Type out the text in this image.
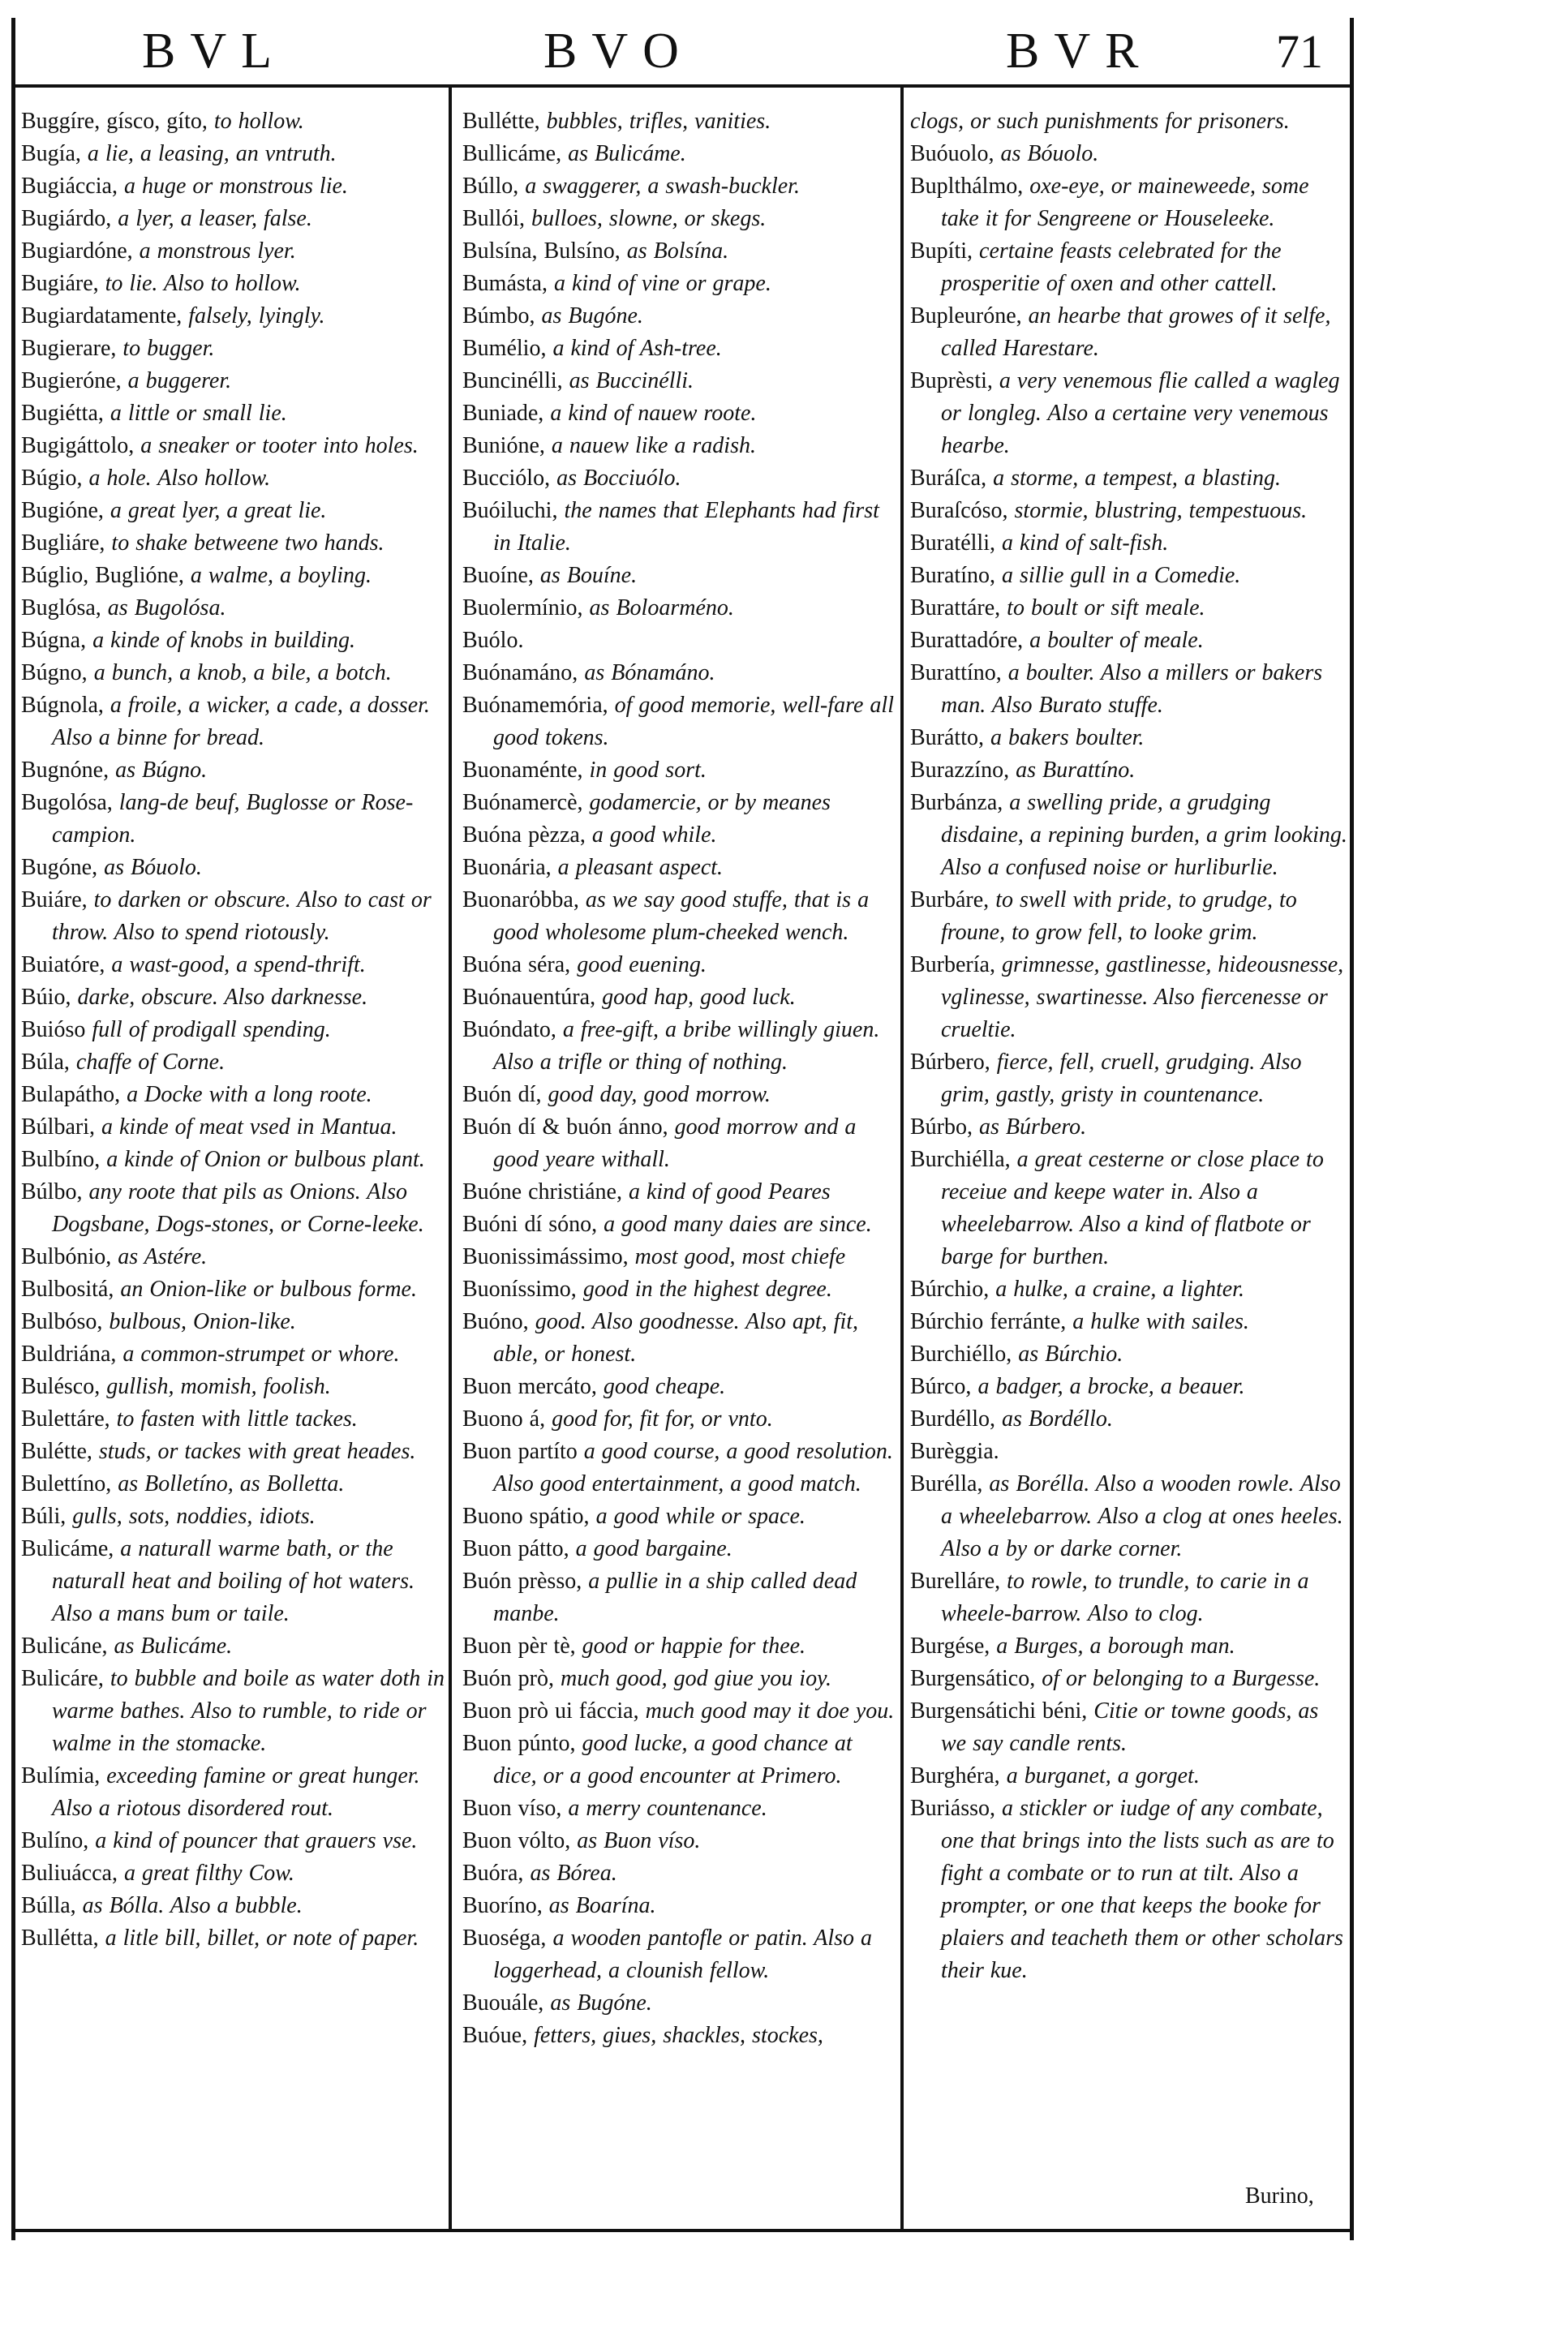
BVL	BVO	BVR	71

Buggíre, gísco, gíto, to hollow.

Bugía, a lie, a leasing, an vntruth.

Bugiáccia, a huge or monstrous lie.

Bugiárdo, a lyer, a leaser, false.

Bugiardóne, a monstrous lyer.

Bugiáre, to lie. Also to hollow.

Bugiardatamente, falsely, lyingly.

Bugierare, to bugger.

Bugieróne, a buggerer.

Bugiétta, a little or small lie.

Bugigáttolo, a sneaker or tooter into holes.

Búgio, a hole. Also hollow.

Bugióne, a great lyer, a great lie.

Bugliáre, to shake betweene two hands.

Búglio, Buglióne, a walme, a boyling.

Buglósa, as Bugolósa.

Búgna, a kinde of knobs in building.

Búgno, a bunch, a knob, a bile, a botch.

Búgnola, a froile, a wicker, a cade, a dosser. Also a binne for bread.

Bugnóne, as Búgno.

Bugolósa, lang-de beuf, Buglosse or Rose-campion.

Bugóne, as Bóuolo.

Buiáre, to darken or obscure. Also to cast or throw. Also to spend riotously.

Buiatóre, a wast-good, a spend-thrift.

Búio, darke, obscure. Also darknesse.

Buióso full of prodigall spending.

Búla, chaffe of Corne.

Bulapátho, a Docke with a long roote.

Búlbari, a kinde of meat vsed in Mantua.

Bulbíno, a kinde of Onion or bulbous plant.

Búlbo, any roote that pils as Onions. Also Dogsbane, Dogs-stones, or Corne-leeke.

Bulbónio, as Astére.

Bulbositá, an Onion-like or bulbous forme.

Bulbóso, bulbous, Onion-like.

Buldriána, a common-strumpet or whore.

Buléscо, gullish, momish, foolish.

Bulettáre, to fasten with little tackes.

Bulétte, studs, or tackes with great heades.

Bulettíno, as Bolletíno, as Bolletta.

Búli, gulls, sots, noddies, idiots.

Bulicáme, a naturall warme bath, or the naturall heat and boiling of hot waters. Also a mans bum or taile.

Bulicáne, as Bulicáme.

Bulicáre, to bubble and boile as water doth in warme bathes. Also to rumble, to ride or walme in the stomacke.

Bulímia, exceeding famine or great hunger. Also a riotous disordered rout.

Bulíno, a kind of pouncer that grauers vse.

Buliuácca, a great filthy Cow.

Búlla, as Bólla. Also a bubble.

Bullétta, a litle bill, billet, or note of paper.

Bullétte, bubbles, trifles, vanities.

Bullicáme, as Bulicáme.

Búllo, a swaggerer, a swash-buckler.

Bullói, bulloes, slowne, or skegs.

Bulsína, Bulsíno, as Bolsína.

Bumásta, a kind of vine or grape.

Búmbo, as Bugóne.

Bumélio, a kind of Ash-tree.

Buncinélli, as Buccinélli.

Buniade, a kind of nauew roote.

Bunióne, a nauew like a radish.

Bucciólo, as Bocciuólo.

Buóiluchi, the names that Elephants had first in Italie.

Buoíne, as Bouíne.

Buolermínio, as Boloarméno.

Buólo.

Buónamáno, as Bónamáno.

Buónamemória, of good memorie, well-fare all good tokens.

Buonaménte, in good sort.

Buónamercè, godamercie, or by meanes

Buóna pèzza, a good while.

Buonária, a pleasant aspect.

Buonarόbba, as we say good stuffe, that is a good wholesome plum-cheeked wench.

Buóna séra, good euening.

Buónauentúra, good hap, good luck.

Buóndato, a free-gift, a bribe willingly giuen. Also a trifle or thing of nothing.

Buón dí, good day, good morrow.

Buón dí & buón ánno, good morrow and a good yeare withall.

Buóne christiáne, a kind of good Peares

Buóni dí sóno, a good many daies are since.

Buonissimássimo, most good, most chiefe

Buoníssimo, good in the highest degree.

Buóno, good. Also goodnesse. Also apt, fit, able, or honest.

Buon mercáto, good cheape.

Buono á, good for, fit for, or vnto.

Buon partíto a good course, a good resolution. Also good entertainment, a good match.

Buono spátio, a good while or space.

Buon pátto, a good bargaine.

Buón prèsso, a pullie in a ship called dead manbe.

Buon pèr tè, good or happie for thee.

Buón prò, much good, god giue you ioy.

Buon prò ui fáccia, much good may it doe you.

Buon púnto, good lucke, a good chance at dice, or a good encounter at Primero.

Buon víso, a merry countenance.

Buon vólto, as Buon víso.

Buóra, as Bórea.

Buoríno, as Boarína.

Buoséga, a wooden pantofle or patin. Also a loggerhead, a clounish fellow.

Buouále, as Bugóne.

Buóue, fetters, giues, shackles, stockes,

clogs, or such punishments for prisoners.

Buóuolo, as Bóuolo.

Buplthálmo, oxe-eye, or maineweede, some take it for Sengreene or Houseleeke.

Bupíti, certaine feasts celebrated for the prosperitie of oxen and other cattell.

Bupleuróne, an hearbe that growes of it selfe, called Harestare.

Buprèsti, a very venemous flie called a wagleg or longleg. Also a certaine very venemous hearbe.

Buráſca, a storme, a tempest, a blasting.

Buraſcóso, stormie, blustring, tempestuous.

Buratélli, a kind of salt-fish.

Buratíno, a sillie gull in a Comedie.

Burattáre, to boult or sift meale.

Burattadóre, a boulter of meale.

Burattíno, a boulter. Also a millers or bakers man. Also Burato stuffe.

Burátto, a bakers boulter.

Burazzíno, as Burattíno.

Burbánza, a swelling pride, a grudging disdaine, a repining burden, a grim looking. Also a confused noise or hurliburlie.

Burbáre, to swell with pride, to grudge, to froune, to grow fell, to looke grim.

Burbería, grimnesse, gastlinesse, hideousnesse, vglinesse, swartinesse. Also fiercenesse or crueltie.

Búrbero, fierce, fell, cruell, grudging. Also grim, gastly, gristy in countenance.

Búrbo, as Búrbero.

Burchiélla, a great cesterne or close place to receiue and keepe water in. Also a wheelebarrow. Also a kind of flatbote or barge for burthen.

Búrchio, a hulke, a craine, a lighter.

Búrchio ferránte, a hulke with sailes.

Burchiéllo, as Búrchio.

Búrco, a badger, a brocke, a beauer.

Burdéllo, as Bordéllo.

Burèggia.

Burélla, as Borélla. Also a wooden rowle. Also a wheelebarrow. Also a clog at ones heeles. Also a by or darke corner.

Burelláre, to rowle, to trundle, to carie in a wheele-barrow. Also to clog.

Burgése, a Burges, a borough man.

Burgensático, of or belonging to a Burgesse.

Burgensátichi béni, Citie or towne goods, as we say candle rents.

Burghéra, a burganet, a gorget.

Buriásso, a stickler or iudge of any combate, one that brings into the lists such as are to fight a combate or to run at tilt. Also a prompter, or one that keeps the booke for plaiers and teacheth them or other scholars their kue.

Burino,
